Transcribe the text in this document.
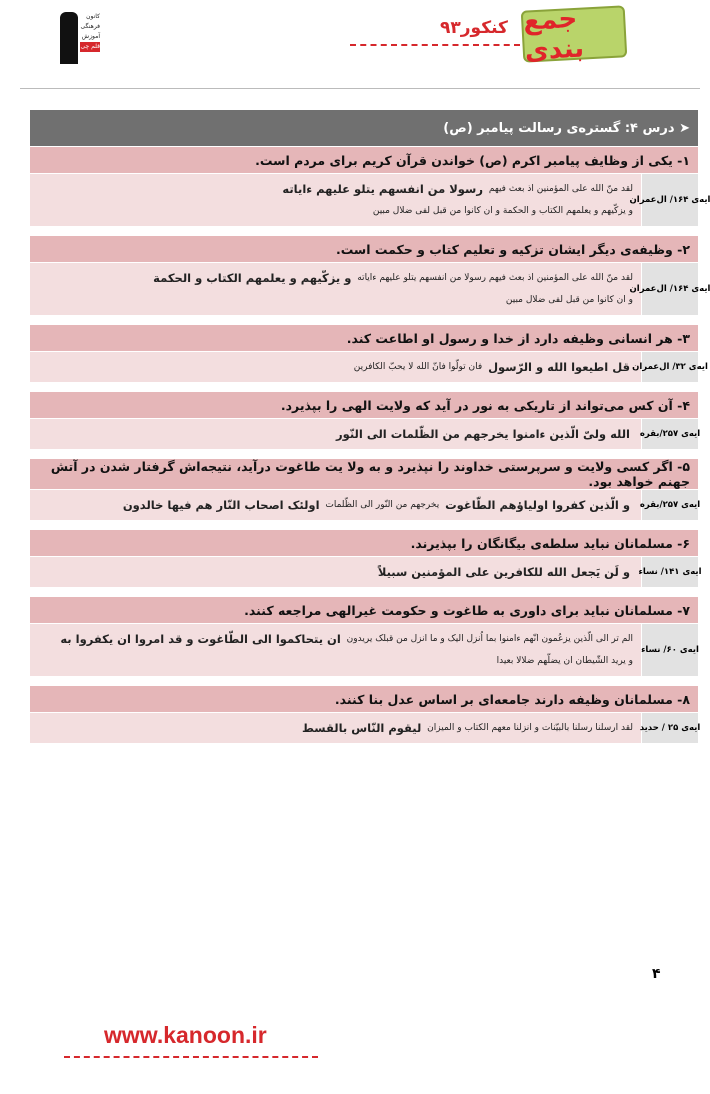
جمع بندی
کنکور۹۳
کانون
فرهنگی
آموزش
قلم چی
➤
درس ۴: گستره‌ی رسالت پیامبر (ص)
۱- یکی از وظایف پیامبر اکرم (ص) خواندن قرآن کریم برای مردم است.
ایه‌ی ۱۶۴/ ال‌عمران
لقد منّ الله علی المؤمنین اذ بعث فیهم

رسولا من انفسهم یتلو علیهم ءایاته

و یزکّیهم و یعلمهم الکتاب و الحکمة و ان کانوا من قبل لفی ضلال مبین

۲- وظیفه‌ی دیگر ایشان تزکیه و تعلیم کتاب و حکمت است.
ایه‌ی ۱۶۴/ ال‌عمران
لقد منّ الله علی المؤمنین اذ بعث فیهم رسولا من انفسهم یتلو علیهم ءایاته

و یزکّیهم و یعلمهم الکتاب و الحکمة

و ان کانوا من قبل لفی ضلال مبین

۳- هر انسانی وظیفه دارد از خدا و رسول او اطاعت کند.
ایه‌ی ۳۲/ ال‌عمران
قل اطیعوا الله و الرّسول

فان تولّوا فانّ الله لا یحبّ الکافرین

۴- آن کس می‌تواند از تاریکی به نور در آید که ولایت الهی را بپذیرد.
ایه‌ی ۲۵۷/بقره
الله ولیّ الّذین ءامنوا یخرجهم من الظّلمات الی النّور

۵- اگر کسی ولایت و سرپرستی خداوند را نپذیرد و به ولا یت طاغوت درآید، نتیجه‌اش گرفتار شدن در آتش جهنم خواهد بود.
ایه‌ی ۲۵۷/بقره
و الّذین کفروا اولیاؤهم الطّاغوت

یخرجهم من النّور الی الظّلمات

اولئک اصحاب النّار هم فیها خالدون

۶- مسلمانان نباید سلطه‌ی بیگانگان را بپذیرند.
ایه‌ی ۱۴۱/ نساء
و لَن یَجعل الله للکافرین علی المؤمنین سبیلاً

۷- مسلمانان نباید برای داوری به طاغوت و حکومت غیرالهی مراجعه کنند.
ایه‌ی ۶۰/ نساء
الم تر الی الّذین یزعُمون انّهم ءامنوا بما اُنزل الیک و ما انزل من قبلک یریدون

ان یتحاکموا الی الطّاغوت و قد امروا ان یکفروا به

و یرید الشّیطان ان یضلّهم ضلالا بعیدا

۸- مسلمانان وظیفه دارند جامعه‌ای بر اساس عدل بنا کنند.
ایه‌ی ۲۵ / حدید
لقد ارسلنا رسلنا بالبیّنات و انزلنا معهم الکتاب و المیزان

لیقوم النّاس بالقسط

۴
www.kanoon.ir
